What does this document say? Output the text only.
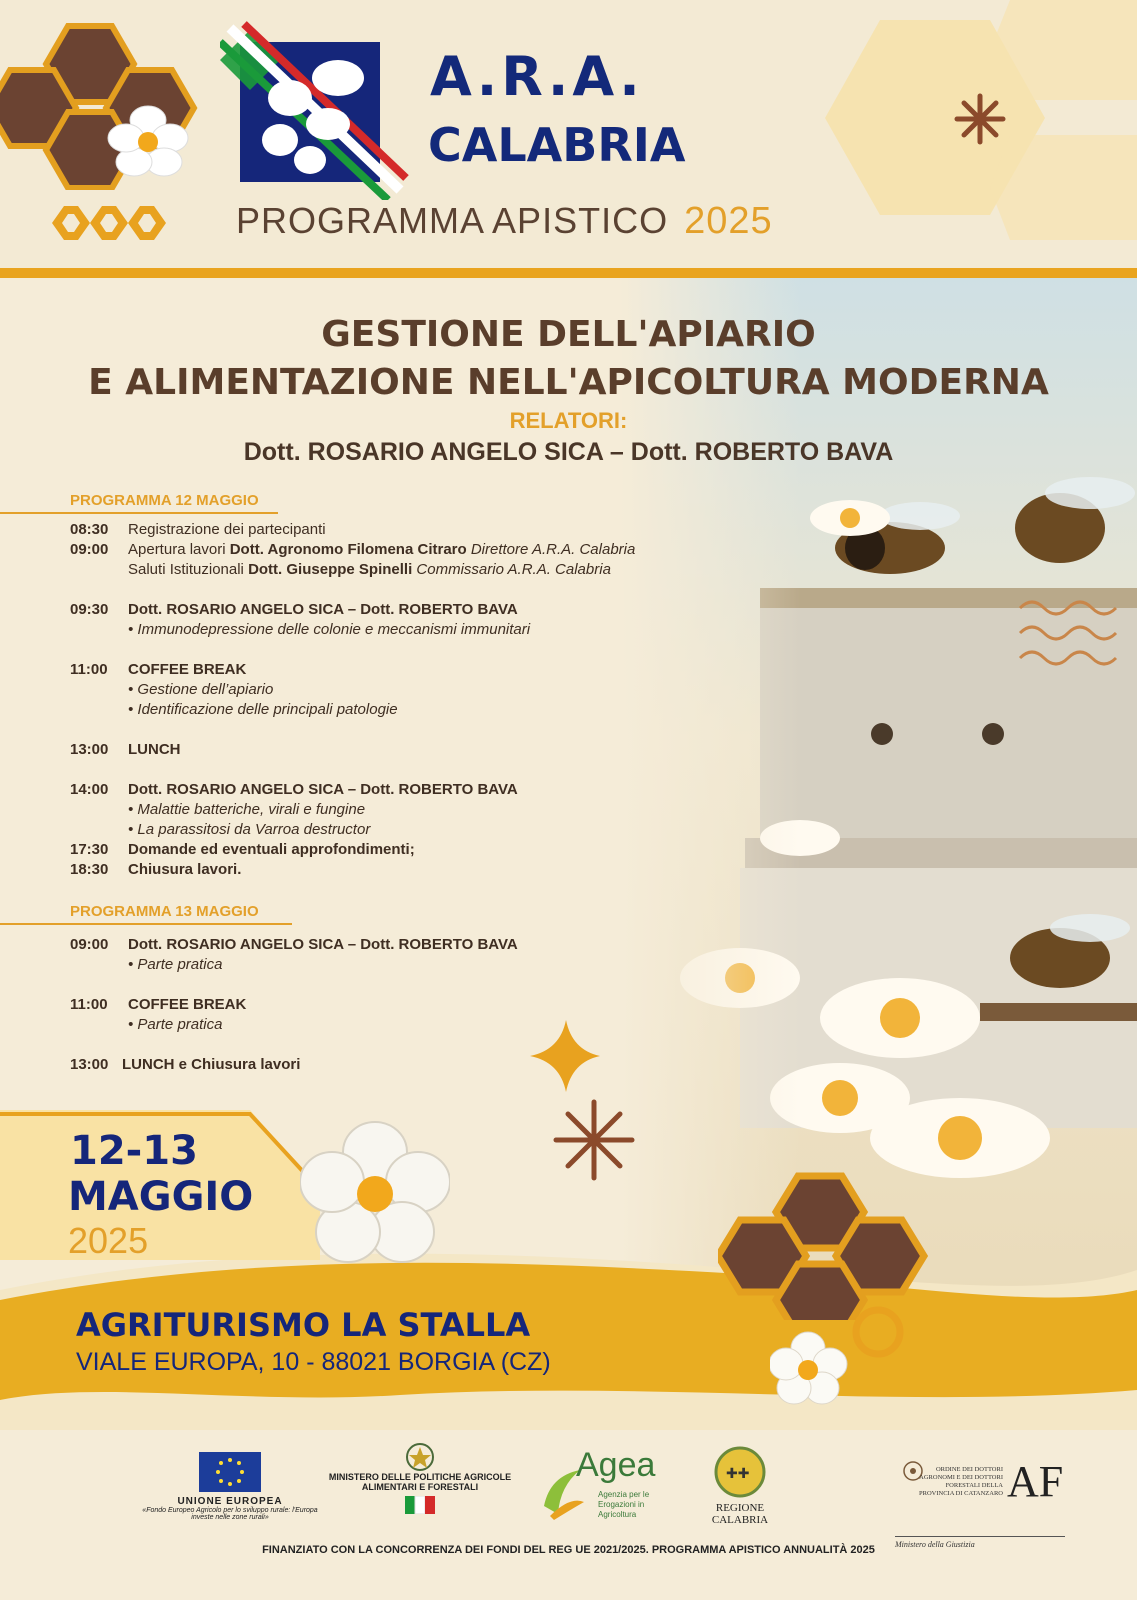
A.R.A.
CALABRIA
PROGRAMMA APISTICO 2025
GESTIONE DELL'APIARIO
E ALIMENTAZIONE NELL'APICOLTURA MODERNA
RELATORI:
Dott. ROSARIO ANGELO SICA – Dott. ROBERTO BAVA
PROGRAMMA 12 MAGGIO
08:30 Registrazione dei partecipanti
09:00 Apertura lavori Dott. Agronomo Filomena Citraro Direttore A.R.A. Calabria
Saluti Istituzionali Dott. Giuseppe Spinelli Commissario A.R.A. Calabria
09:30 Dott. ROSARIO ANGELO SICA – Dott. ROBERTO BAVA
• Immunodepressione delle colonie e meccanismi immunitari
11:00 COFFEE BREAK
• Gestione dell’apiario
• Identificazione delle principali patologie
13:00 LUNCH
14:00 Dott. ROSARIO ANGELO SICA – Dott. ROBERTO BAVA
• Malattie batteriche, virali e fungine
• La parassitosi da Varroa destructor
17:30 Domande ed eventuali approfondimenti;
18:30 Chiusura lavori.
PROGRAMMA 13 MAGGIO
09:00 Dott. ROSARIO ANGELO SICA – Dott. ROBERTO BAVA
• Parte pratica
11:00 COFFEE BREAK
• Parte pratica
13:00 LUNCH e Chiusura lavori
12-13
MAGGIO
2025
AGRITURISMO LA STALLA
VIALE EUROPA, 10 - 88021 BORGIA (CZ)
UNIONE EUROPEA
«Fondo Europeo Agricolo per lo sviluppo rurale: l'Europa investe nelle zone rurali»
MINISTERO DELLE POLITICHE AGRICOLE
ALIMENTARI E FORESTALI
Agea
Agenzia per le Erogazioni in Agricoltura
✚✚
REGIONE CALABRIA
ORDINE DEI DOTTORI AGRONOMI E DEI DOTTORI FORESTALI DELLA PROVINCIA DI CATANZARO AF
Ministero della Giustizia
FINANZIATO CON LA CONCORRENZA DEI FONDI DEL REG UE 2021/2025. PROGRAMMA APISTICO ANNUALITÀ 2025
